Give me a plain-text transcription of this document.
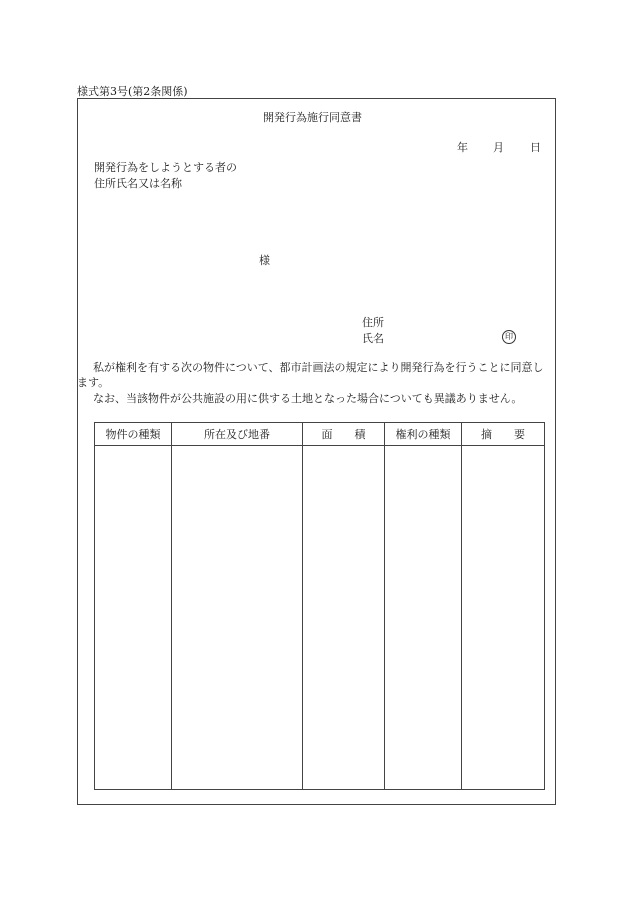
様式第3号(第2条関係)
開発行為施行同意書
年 月 日
開発行為をしようとする者の
住所氏名又は名称
様
住所
氏名	印
私が権利を有する次の物件について、都市計画法の規定により開発行為を行うことに同意します。
なお、当該物件が公共施設の用に供する土地となった場合についても異議ありません。
物件の種類	所在及び地番	面　　積	権利の種類	摘　　要
